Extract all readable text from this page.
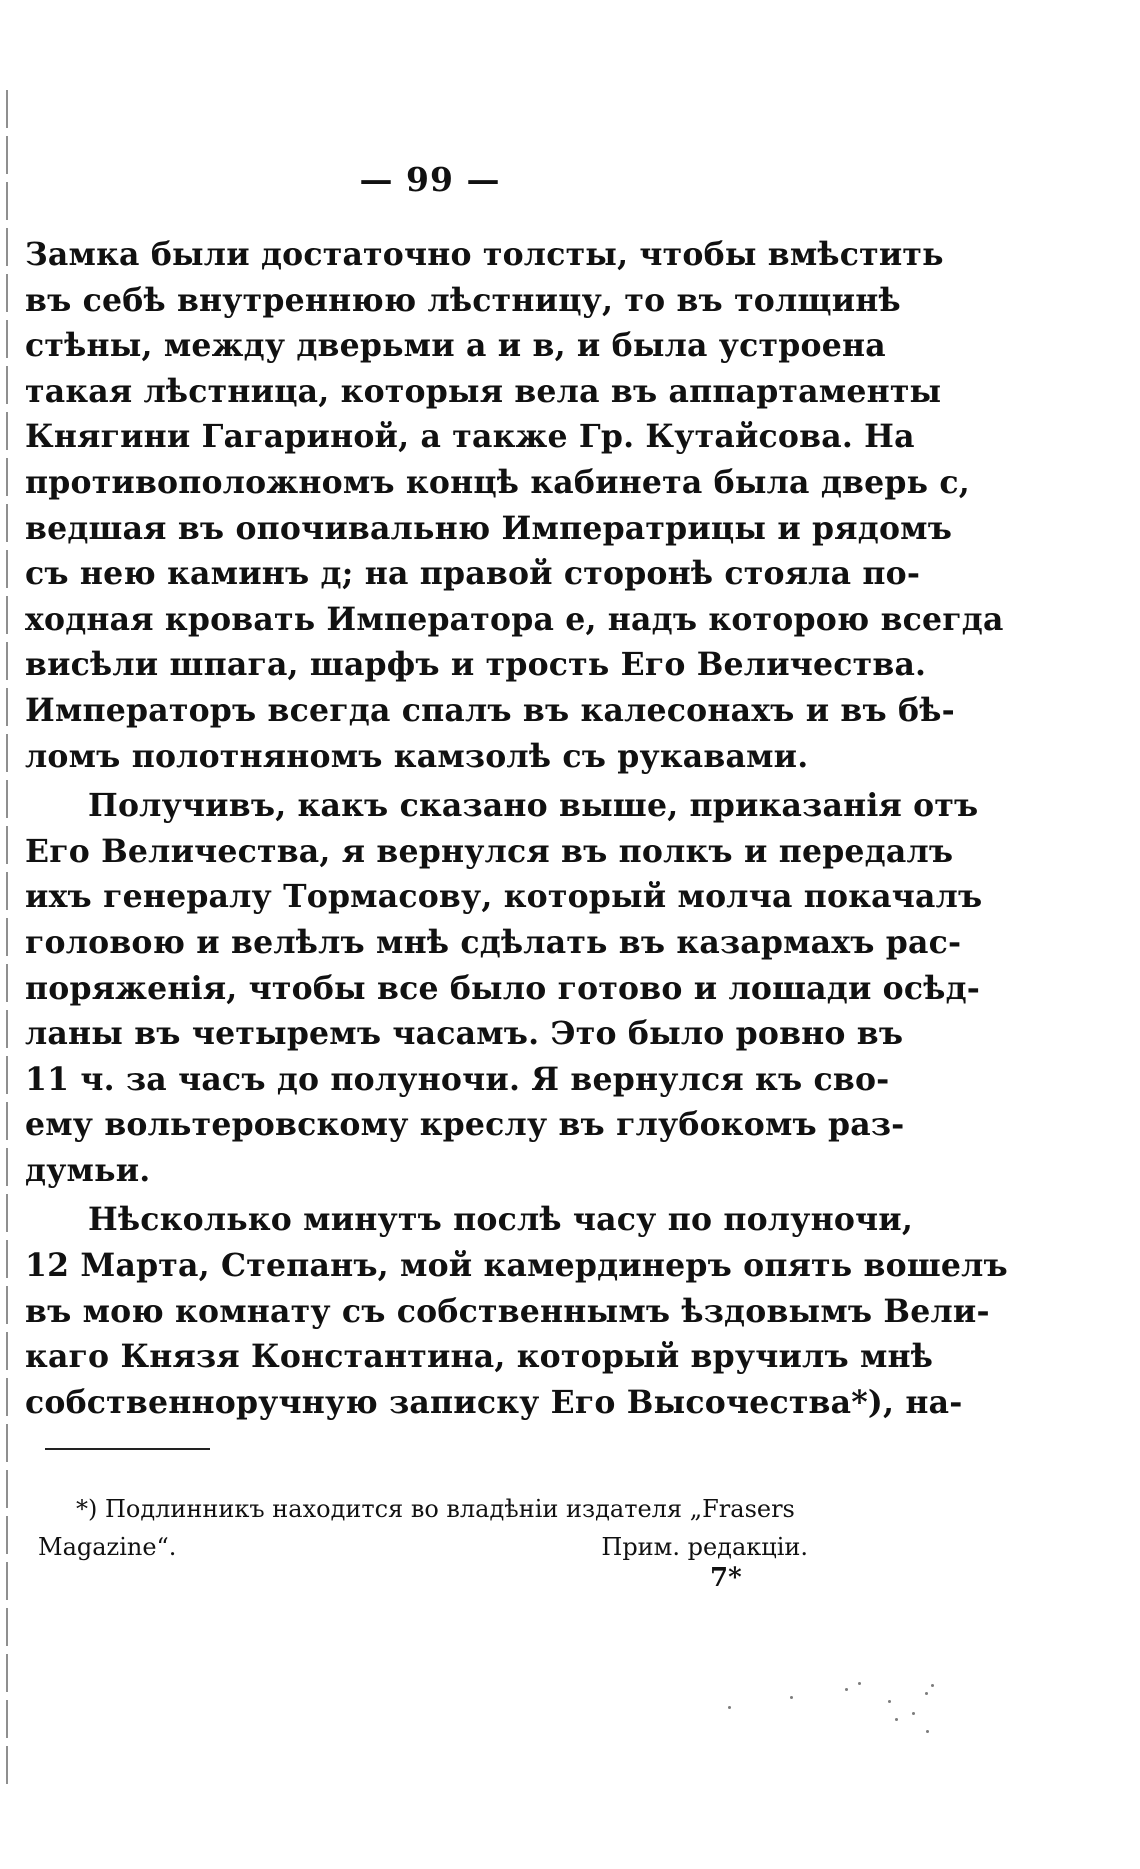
— 99 —
Замка были достаточно толсты, чтобы вмѣстить
въ себѣ внутреннюю лѣстницу, то въ толщинѣ
стѣны, между дверьми а и в, и была устроена
такая лѣстница, которыя вела въ аппартаменты
Княгини Гагариной, а также Гр. Кутайсова. На
противоположномъ концѣ кабинета была дверь с,
ведшая въ опочивальню Императрицы и рядомъ
съ нею каминъ д; на правой сторонѣ стояла по-
ходная кровать Императора е, надъ которою всегда
висѣли шпага, шарфъ и трость Его Величества.
Императоръ всегда спалъ въ калесонахъ и въ бѣ-
ломъ полотняномъ камзолѣ съ рукавами.
Получивъ, какъ сказано выше, приказанія отъ
Его Величества, я вернулся въ полкъ и передалъ
ихъ генералу Тормасову, который молча покачалъ
головою и велѣлъ мнѣ сдѣлать въ казармахъ рас-
поряженія, чтобы все было готово и лошади осѣд-
ланы въ четыремъ часамъ. Это было ровно въ
11 ч. за часъ до полуночи. Я вернулся къ сво-
ему вольтеровскому креслу въ глубокомъ раз-
думьи.
Нѣсколько минутъ послѣ часу по полуночи,
12 Марта, Степанъ, мой камердинеръ опять вошелъ
въ мою комнату съ собственнымъ ѣздовымъ Вели-
каго Князя Константина, который вручилъ мнѣ
собственноручную записку Его Высочества*), на-
*) Подлинникъ находится во владѣніи издателя „Frasers
Magazine“.	Прим. редакціи.
7*
